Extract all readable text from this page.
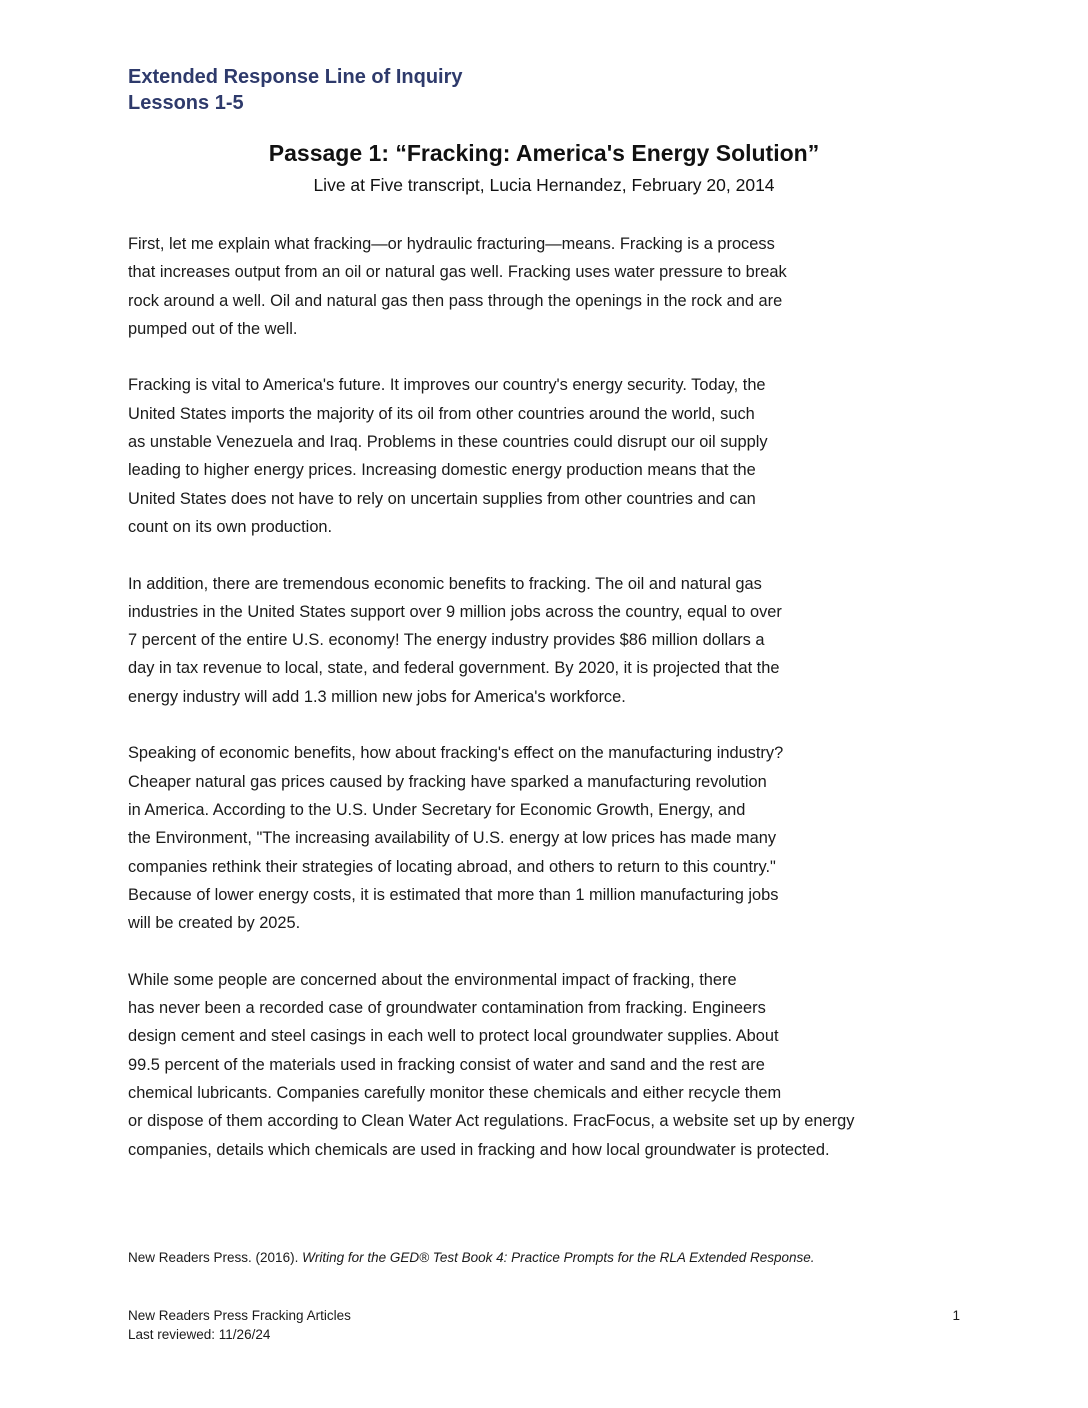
Extended Response Line of Inquiry
Lessons 1-5
Passage 1: “Fracking: America's Energy Solution”
Live at Five transcript, Lucia Hernandez, February 20, 2014
First, let me explain what fracking—or hydraulic fracturing—means. Fracking is a process
that increases output from an oil or natural gas well. Fracking uses water pressure to break
rock around a well. Oil and natural gas then pass through the openings in the rock and are
pumped out of the well.
Fracking is vital to America's future. It improves our country's energy security. Today, the
United States imports the majority of its oil from other countries around the world, such
as unstable Venezuela and Iraq. Problems in these countries could disrupt our oil supply
leading to higher energy prices. Increasing domestic energy production means that the
United States does not have to rely on uncertain supplies from other countries and can
count on its own production.
In addition, there are tremendous economic benefits to fracking. The oil and natural gas
industries in the United States support over 9 million jobs across the country, equal to over
7 percent of the entire U.S. economy! The energy industry provides $86 million dollars a
day in tax revenue to local, state, and federal government. By 2020, it is projected that the
energy industry will add 1.3 million new jobs for America's workforce.
Speaking of economic benefits, how about fracking's effect on the manufacturing industry?
Cheaper natural gas prices caused by fracking have sparked a manufacturing revolution
in America. According to the U.S. Under Secretary for Economic Growth, Energy, and
the Environment, "The increasing availability of U.S. energy at low prices has made many
companies rethink their strategies of locating abroad, and others to return to this country."
Because of lower energy costs, it is estimated that more than 1 million manufacturing jobs
will be created by 2025.
While some people are concerned about the environmental impact of fracking, there
has never been a recorded case of groundwater contamination from fracking. Engineers
design cement and steel casings in each well to protect local groundwater supplies. About
99.5 percent of the materials used in fracking consist of water and sand and the rest are
chemical lubricants. Companies carefully monitor these chemicals and either recycle them
or dispose of them according to Clean Water Act regulations. FracFocus, a website set up by energy
companies, details which chemicals are used in fracking and how local groundwater is protected.
New Readers Press. (2016). Writing for the GED® Test Book 4: Practice Prompts for the RLA Extended Response.
New Readers Press Fracking Articles
Last reviewed: 11/26/24
1
